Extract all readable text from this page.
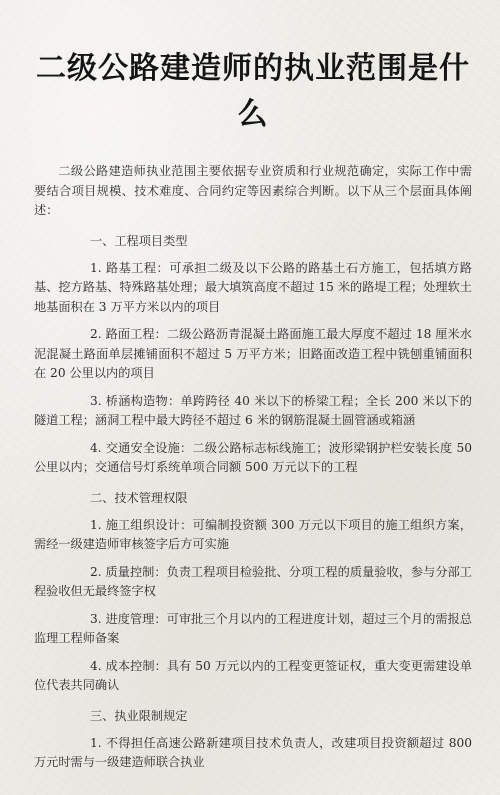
二级公路建造师的执业范围是什么

二级公路建造师执业范围主要依据专业资质和行业规范确定，实际工作中需要结合项目规模、技术难度、合同约定等因素综合判断。以下从三个层面具体阐述：

一、工程项目类型

1. 路基工程：可承担二级及以下公路的路基土石方施工，包括填方路基、挖方路基、特殊路基处理；最大填筑高度不超过 15 米的路堤工程；处理软土地基面积在 3 万平方米以内的项目

2. 路面工程：二级公路沥青混凝土路面施工最大厚度不超过 18 厘米水泥混凝土路面单层摊铺面积不超过 5 万平方米；旧路面改造工程中铣刨重铺面积在 20 公里以内的项目

3. 桥涵构造物：单跨跨径 40 米以下的桥梁工程；全长 200 米以下的隧道工程；涵洞工程中最大跨径不超过 6 米的钢筋混凝土圆管涵或箱涵

4. 交通安全设施：二级公路标志标线施工；波形梁钢护栏安装长度 50 公里以内；交通信号灯系统单项合同额 500 万元以下的工程

二、技术管理权限

1. 施工组织设计：可编制投资额 300 万元以下项目的施工组织方案，需经一级建造师审核签字后方可实施

2. 质量控制：负责工程项目检验批、分项工程的质量验收，参与分部工程验收但无最终签字权

3. 进度管理：可审批三个月以内的工程进度计划，超过三个月的需报总监理工程师备案

4. 成本控制：具有 50 万元以内的工程变更签证权，重大变更需建设单位代表共同确认

三、执业限制规定

1. 不得担任高速公路新建项目技术负责人，改建项目投资额超过 800 万元时需与一级建造师联合执业
